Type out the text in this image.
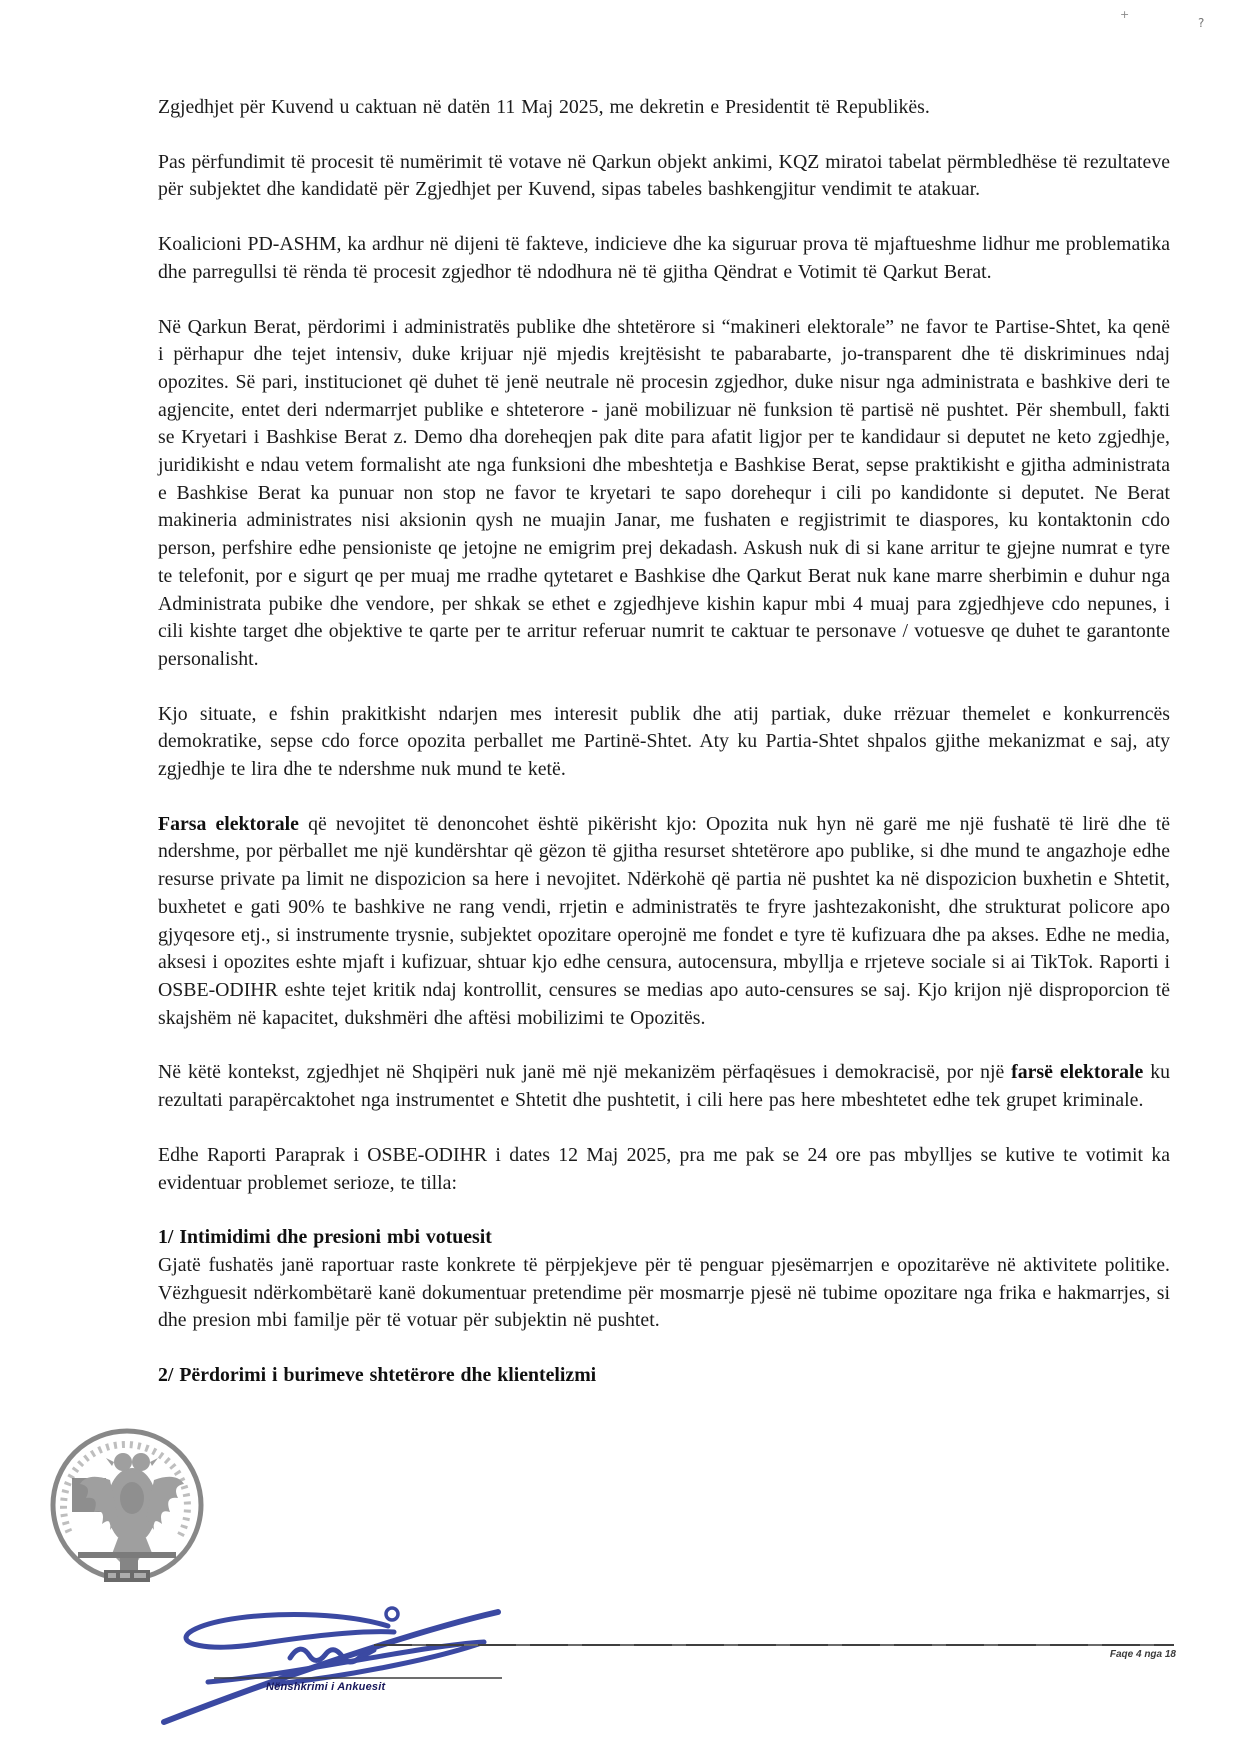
Zgjedhjet për Kuvend u caktuan në datën 11 Maj 2025, me dekretin e Presidentit të Republikës.

Pas përfundimit të procesit të numërimit të votave në Qarkun objekt ankimi, KQZ miratoi tabelat përmbledhëse të rezultateve për subjektet dhe kandidatë për Zgjedhjet per Kuvend, sipas tabeles bashkengjitur vendimit te atakuar.

Koalicioni PD-ASHM, ka ardhur në dijeni të fakteve, indicieve dhe ka siguruar prova të mjaftueshme lidhur me problematika dhe parregullsi të rënda të procesit zgjedhor të ndodhura në të gjitha Qëndrat e Votimit të Qarkut Berat.

Në Qarkun Berat, përdorimi i administratës publike dhe shtetërore si “makineri elektorale” ne favor te Partise-Shtet, ka qenë i përhapur dhe tejet intensiv, duke krijuar një mjedis krejtësisht te pabarabarte, jo-transparent dhe të diskriminues ndaj opozites. Së pari, institucionet që duhet të jenë neutrale në procesin zgjedhor, duke nisur nga administrata e bashkive deri te agjencite, entet deri ndermarrjet publike e shteterore - janë mobilizuar në funksion të partisë në pushtet. Për shembull, fakti se Kryetari i Bashkise Berat z. Demo dha doreheqjen pak dite para afatit ligjor per te kandidaur si deputet ne keto zgjedhje, juridikisht e ndau vetem formalisht ate nga funksioni dhe mbeshtetja e Bashkise Berat, sepse praktikisht e gjitha administrata e Bashkise Berat ka punuar non stop ne favor te kryetari te sapo dorehequr i cili po kandidonte si deputet. Ne Berat makineria administrates nisi aksionin qysh ne muajin Janar, me fushaten e regjistrimit te diaspores, ku kontaktonin cdo person, perfshire edhe pensioniste qe jetojne ne emigrim prej dekadash. Askush nuk di si kane arritur te gjejne numrat e tyre te telefonit, por e sigurt qe per muaj me rradhe qytetaret e Bashkise dhe Qarkut Berat nuk kane marre sherbimin e duhur nga Administrata pubike dhe vendore, per shkak se ethet e zgjedhjeve kishin kapur mbi 4 muaj para zgjedhjeve cdo nepunes, i cili kishte target dhe objektive te qarte per te arritur referuar numrit te caktuar te personave / votuesve qe duhet te garantonte personalisht.

Kjo situate, e fshin prakitkisht ndarjen mes interesit publik dhe atij partiak, duke rrëzuar themelet e konkurrencës demokratike, sepse cdo force opozita perballet me Partinë-Shtet. Aty ku Partia-Shtet shpalos gjithe mekanizmat e saj, aty zgjedhje te lira dhe te ndershme nuk mund te ketë.

Farsa elektorale që nevojitet të denoncohet është pikërisht kjo: Opozita nuk hyn në garë me një fushatë të lirë dhe të ndershme, por përballet me një kundërshtar që gëzon të gjitha resurset shtetërore apo publike, si dhe mund te angazhoje edhe resurse private pa limit ne dispozicion sa here i nevojitet. Ndërkohë që partia në pushtet ka në dispozicion buxhetin e Shtetit, buxhetet e gati 90% te bashkive ne rang vendi, rrjetin e administratës te fryre jashtezakonisht, dhe strukturat policore apo gjyqesore etj., si instrumente trysnie, subjektet opozitare operojnë me fondet e tyre të kufizuara dhe pa akses. Edhe ne media, aksesi i opozites eshte mjaft i kufizuar, shtuar kjo edhe censura, autocensura, mbyllja e rrjeteve sociale si ai TikTok. Raporti i OSBE-ODIHR eshte tejet kritik ndaj kontrollit, censures se medias apo auto-censures se saj. Kjo krijon një disproporcion të skajshëm në kapacitet, dukshmëri dhe aftësi mobilizimi te Opozitës.

Në këtë kontekst, zgjedhjet në Shqipëri nuk janë më një mekanizëm përfaqësues i demokracisë, por një farsë elektorale ku rezultati parapërcaktohet nga instrumentet e Shtetit dhe pushtetit, i cili here pas here mbeshtetet edhe tek grupet kriminale.

Edhe Raporti Paraprak i OSBE-ODIHR i dates 12 Maj 2025, pra me pak se 24 ore pas mbylljes se kutive te votimit ka evidentuar problemet serioze, te tilla:

1/ Intimidimi dhe presioni mbi votuesit

Gjatë fushatës janë raportuar raste konkrete të përpjekjeve për të penguar pjesëmarrjen e opozitarëve në aktivitete politike. Vëzhguesit ndërkombëtarë kanë dokumentuar pretendime për mosmarrje pjesë në tubime opozitare nga frika e hakmarrjes, si dhe presion mbi familje për të votuar për subjektin në pushtet.

2/ Përdorimi i burimeve shtetërore dhe klientelizmi

+
?
Nënshkrimi i Ankuesit
Faqe 4 nga 18
